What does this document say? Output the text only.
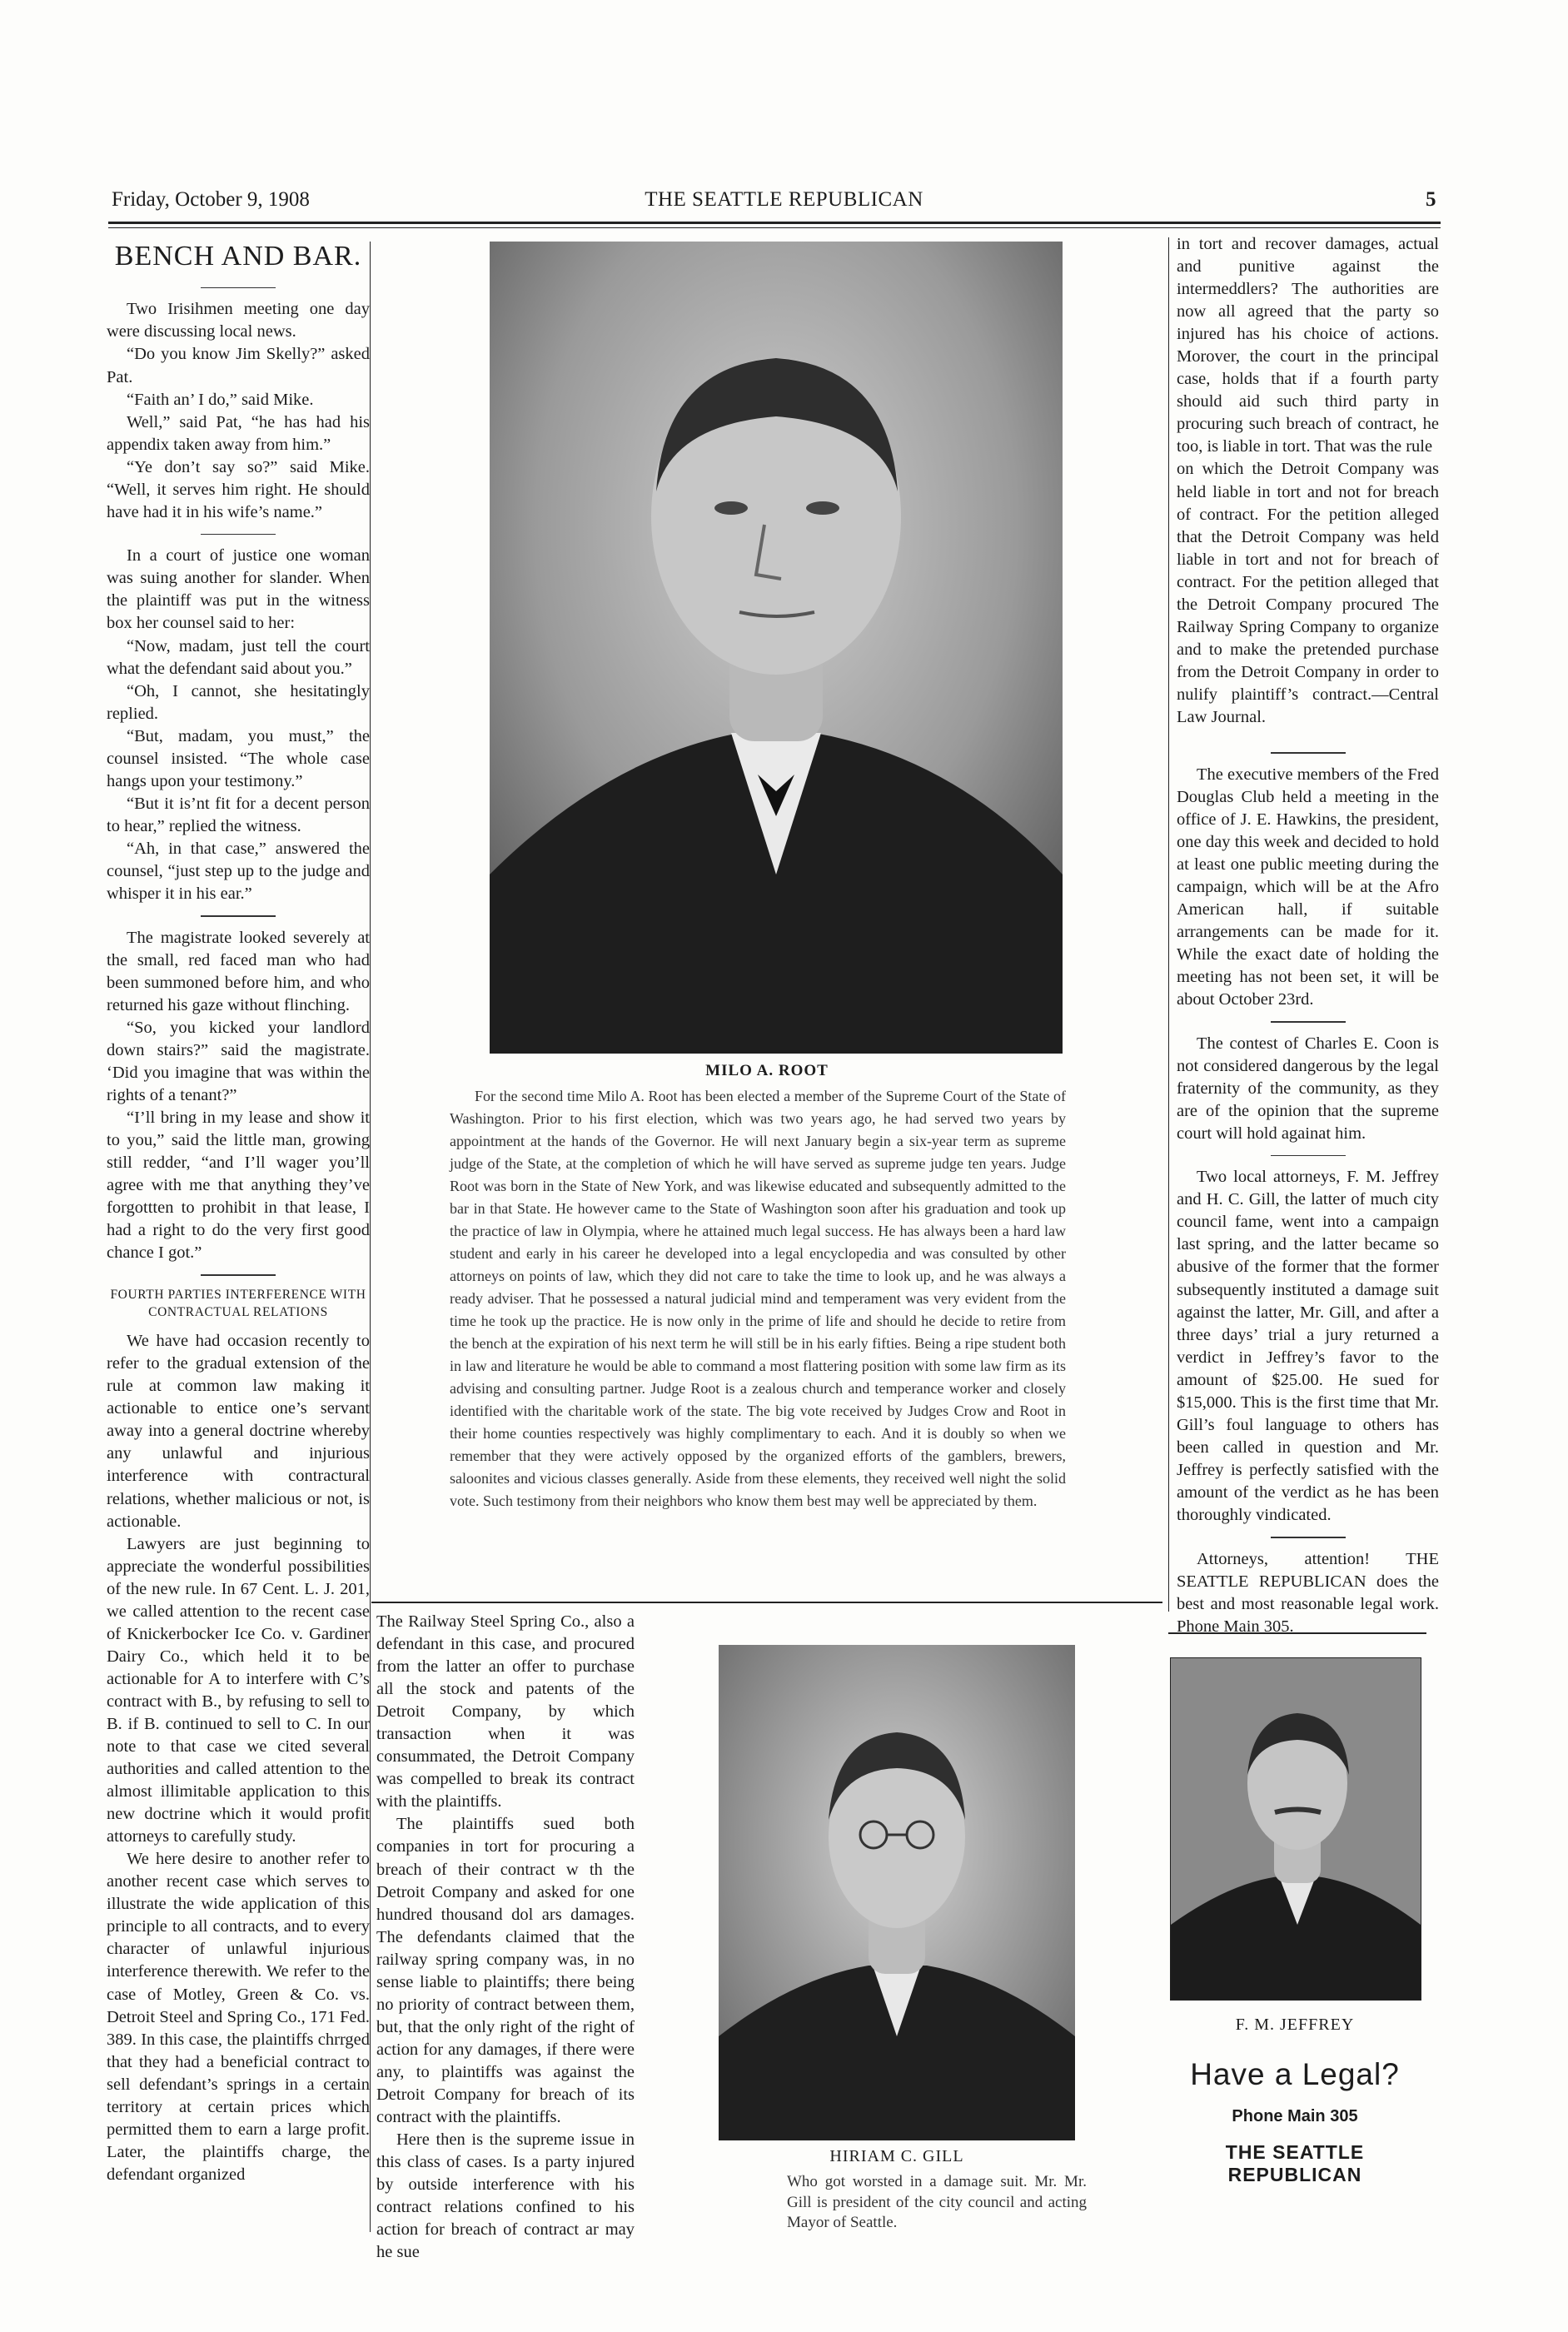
Friday, October 9, 1908	THE SEATTLE REPUBLICAN	5
BENCH AND BAR.

Two Irisihmen meeting one day were discussing local news.

“Do you know Jim Skelly?” asked Pat.

“Faith an’ I do,” said Mike.

Well,” said Pat, “he has had his appendix taken away from him.”

“Ye don’t say so?” said Mike. “Well, it serves him right. He should have had it in his wife’s name.”

In a court of justice one woman was suing another for slander. When the plaintiff was put in the witness box her counsel said to her:

“Now, madam, just tell the court what the defendant said about you.”

“Oh, I cannot, she hesitatingly replied.

“But, madam, you must,” the counsel insisted. “The whole case hangs upon your testimony.”

“But it is’nt fit for a decent person to hear,” replied the witness.

“Ah, in that case,” answered the counsel, “just step up to the judge and whisper it in his ear.”

The magistrate looked severely at the small, red faced man who had been summoned before him, and who returned his gaze without flinching.

“So, you kicked your landlord down stairs?” said the magistrate. ‘Did you imagine that was within the rights of a tenant?”

“I’ll bring in my lease and show it to you,” said the little man, growing still redder, “and I’ll wager you’ll agree with me that anything they’ve forgottten to prohibit in that lease, I had a right to do the very first good chance I got.”

FOURTH PARTIES INTERFERENCE WITH CONTRACTUAL RELATIONS

We have had occasion recently to refer to the gradual extension of the rule at common law making it actionable to entice one’s servant away into a general doctrine whereby any unlawful and injurious interference with contractural relations, whether malicious or not, is actionable.

Lawyers are just beginning to appreciate the wonderful possibilities of the new rule. In 67 Cent. L. J. 201, we called attention to the recent case of Knickerbocker Ice Co. v. Gardiner Dairy Co., which held it to be actionable for A to interfere with C’s contract with B., by refusing to sell to B. if B. continued to sell to C. In our note to that case we cited several authorities and called attention to the almost illimitable application to this new doctrine which it would profit attorneys to carefully study.

We here desire to another refer to another recent case which serves to illustrate the wide application of this principle to all contracts, and to every character of unlawful injurious interference therewith. We refer to the case of Motley, Green & Co. vs. Detroit Steel and Spring Co., 171 Fed. 389. In this case, the plaintiffs chrrged that they had a beneficial contract to sell defendant’s springs in a certain territory at certain prices which permitted them to earn a large profit. Later, the plaintiffs charge, the defendant organized

MILO A. ROOT
For the second time Milo A. Root has been elected a member of the Supreme Court of the State of Washington. Prior to his first election, which was two years ago, he had served two years by appointment at the hands of the Governor. He will next January begin a six-year term as supreme judge of the State, at the completion of which he will have served as supreme judge ten years. Judge Root was born in the State of New York, and was likewise educated and subsequently admitted to the bar in that State. He however came to the State of Washington soon after his graduation and took up the practice of law in Olympia, where he attained much legal success. He has always been a hard law student and early in his career he developed into a legal encyclopedia and was consulted by other attorneys on points of law, which they did not care to take the time to look up, and he was always a ready adviser. That he possessed a natural judicial mind and temperament was very evident from the time he took up the practice. He is now only in the prime of life and should he decide to retire from the bench at the expiration of his next term he will still be in his early fifties. Being a ripe student both in law and literature he would be able to command a most flattering position with some law firm as its advising and consulting partner. Judge Root is a zealous church and temperance worker and closely identified with the charitable work of the state. The big vote received by Judges Crow and Root in their home counties respectively was highly complimentary to each. And it is doubly so when we remember that they were actively opposed by the organized efforts of the gamblers, brewers, saloonites and vicious classes generally. Aside from these elements, they received well night the solid vote. Such testimony from their neighbors who know them best may well be appreciated by them.

The Railway Steel Spring Co., also a defendant in this case, and procured from the latter an offer to purchase all the stock and patents of the Detroit Company, by which transaction when it was consummated, the Detroit Company was compelled to break its contract with the plaintiffs.

The plaintiffs sued both companies in tort for procuring a breach of their contract w th the Detroit Company and asked for one hundred thousand dol ars damages. The defendants claimed that the railway spring company was, in no sense liable to plaintiffs; there being no priority of contract between them, but, that the only right of the right of action for any damages, if there were any, to plaintiffs was against the Detroit Company for breach of its contract with the plaintiffs.

Here then is the supreme issue in this class of cases. Is a party injured by outside interference with his contract relations confined to his action for breach of contract ar may he sue

HIRIAM C. GILL
Who got worsted in a damage suit. Mr. Mr. Gill is president of the city council and acting Mayor of Seattle.

in tort and recover damages, actual and punitive against the intermeddlers? The authorities are now all agreed that the party so injured has his choice of actions. Morover, the court in the principal case, holds that if a fourth party should aid such third party in procuring such breach of contract, he too, is liable in tort. That was the rule

on which the Detroit Company was held liable in tort and not for breach of contract. For the petition alleged that the Detroit Company was held liable in tort and not for breach of contract. For the petition alleged that the Detroit Company procured The Railway Spring Company to organize and to make the pretended purchase from the Detroit Company in order to nulify plaintiff’s contract.—Central Law Journal.

The executive members of the Fred Douglas Club held a meeting in the office of J. E. Hawkins, the president, one day this week and decided to hold at least one public meeting during the campaign, which will be at the Afro American hall, if suitable arrangements can be made for it. While the exact date of holding the meeting has not been set, it will be about October 23rd.

The contest of Charles E. Coon is not considered dangerous by the legal fraternity of the community, as they are of the opinion that the supreme court will hold againat him.

Two local attorneys, F. M. Jeffrey and H. C. Gill, the latter of much city council fame, went into a campaign last spring, and the latter became so abusive of the former that the former subsequently instituted a damage suit against the latter, Mr. Gill, and after a three days’ trial a jury returned a verdict in Jeffrey’s favor to the amount of $25.00. He sued for $15,000. This is the first time that Mr. Gill’s foul language to others has been called in question and Mr. Jeffrey is perfectly satisfied with the amount of the verdict as he has been thoroughly vindicated.

Attorneys, attention! THE SEATTLE REPUBLICAN does the best and most reasonable legal work. Phone Main 305.

F. M. JEFFREY
Have a Legal?
Phone Main 305
THE SEATTLE REPUBLICAN
